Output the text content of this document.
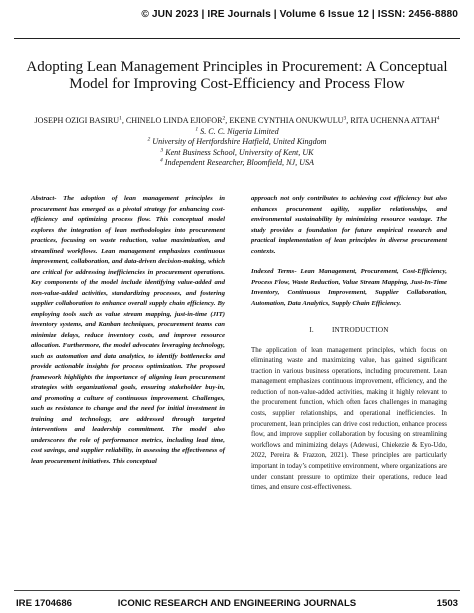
© JUN 2023 | IRE Journals | Volume 6 Issue 12 | ISSN: 2456-8880
Adopting Lean Management Principles in Procurement: A Conceptual Model for Improving Cost-Efficiency and Process Flow

JOSEPH OZIGI BASIRU$^1$, CHINELO LINDA EJIOFOR$^2$, EKENE CYNTHIA ONUKWULU$^3$, RITA UCHENNA ATTAH$^4$

$^1$ S. C. C. Nigeria Limited

$^2$ University of Hertfordshire Hatfield, United Kingdom

$^3$ Kent Business School, University of Kent, UK

$^4$ Independent Researcher, Bloomfield, NJ, USA

Abstract- The adoption of lean management principles in procurement has emerged as a pivotal strategy for enhancing cost-efficiency and optimizing process flow. This conceptual model explores the integration of lean methodologies into procurement practices, focusing on waste reduction, value maximization, and streamlined workflows. Lean management emphasizes continuous improvement, collaboration, and data-driven decision-making, which are critical for addressing inefficiencies in procurement operations. Key components of the model include identifying value-added and non-value-added activities, standardizing processes, and fostering supplier collaboration to enhance overall supply chain efficiency. By employing tools such as value stream mapping, just-in-time (JIT) inventory systems, and Kanban techniques, procurement teams can minimize delays, reduce inventory costs, and improve resource allocation. Furthermore, the model advocates leveraging technology, such as automation and data analytics, to identify bottlenecks and provide actionable insights for process optimization. The proposed framework highlights the importance of aligning lean procurement strategies with organizational goals, ensuring stakeholder buy-in, and promoting a culture of continuous improvement. Challenges, such as resistance to change and the need for initial investment in training and technology, are addressed through targeted interventions and leadership commitment. The model also underscores the role of performance metrics, including lead time, cost savings, and supplier reliability, in assessing the effectiveness of lean procurement initiatives. This conceptual

approach not only contributes to achieving cost efficiency but also enhances procurement agility, supplier relationships, and environmental sustainability by minimizing resource wastage. The study provides a foundation for future empirical research and practical implementation of lean principles in diverse procurement contexts.

Indexed Terms- Lean Management, Procurement, Cost-Efficiency, Process Flow, Waste Reduction, Value Stream Mapping, Just-In-Time Inventory, Continuous Improvement, Supplier Collaboration, Automation, Data Analytics, Supply Chain Efficiency.

I.	INTRODUCTION

The application of lean management principles, which focus on eliminating waste and maximizing value, has gained significant traction in various business operations, including procurement. Lean management emphasizes continuous improvement, efficiency, and the reduction of non-value-added activities, making it highly relevant to the procurement function, which often faces challenges in managing costs, supplier relationships, and operational inefficiencies. In procurement, lean principles can drive cost reduction, enhance process flow, and improve supplier collaboration by focusing on streamlining workflows and minimizing delays (Adewusi, Chiekezie & Eyo-Udo, 2022, Pereira & Frazzon, 2021). These principles are particularly important in today’s competitive environment, where organizations are under constant pressure to optimize their operations, reduce lead times, and ensure cost-effectiveness.

IRE 1704686	ICONIC RESEARCH AND ENGINEERING JOURNALS	1503
